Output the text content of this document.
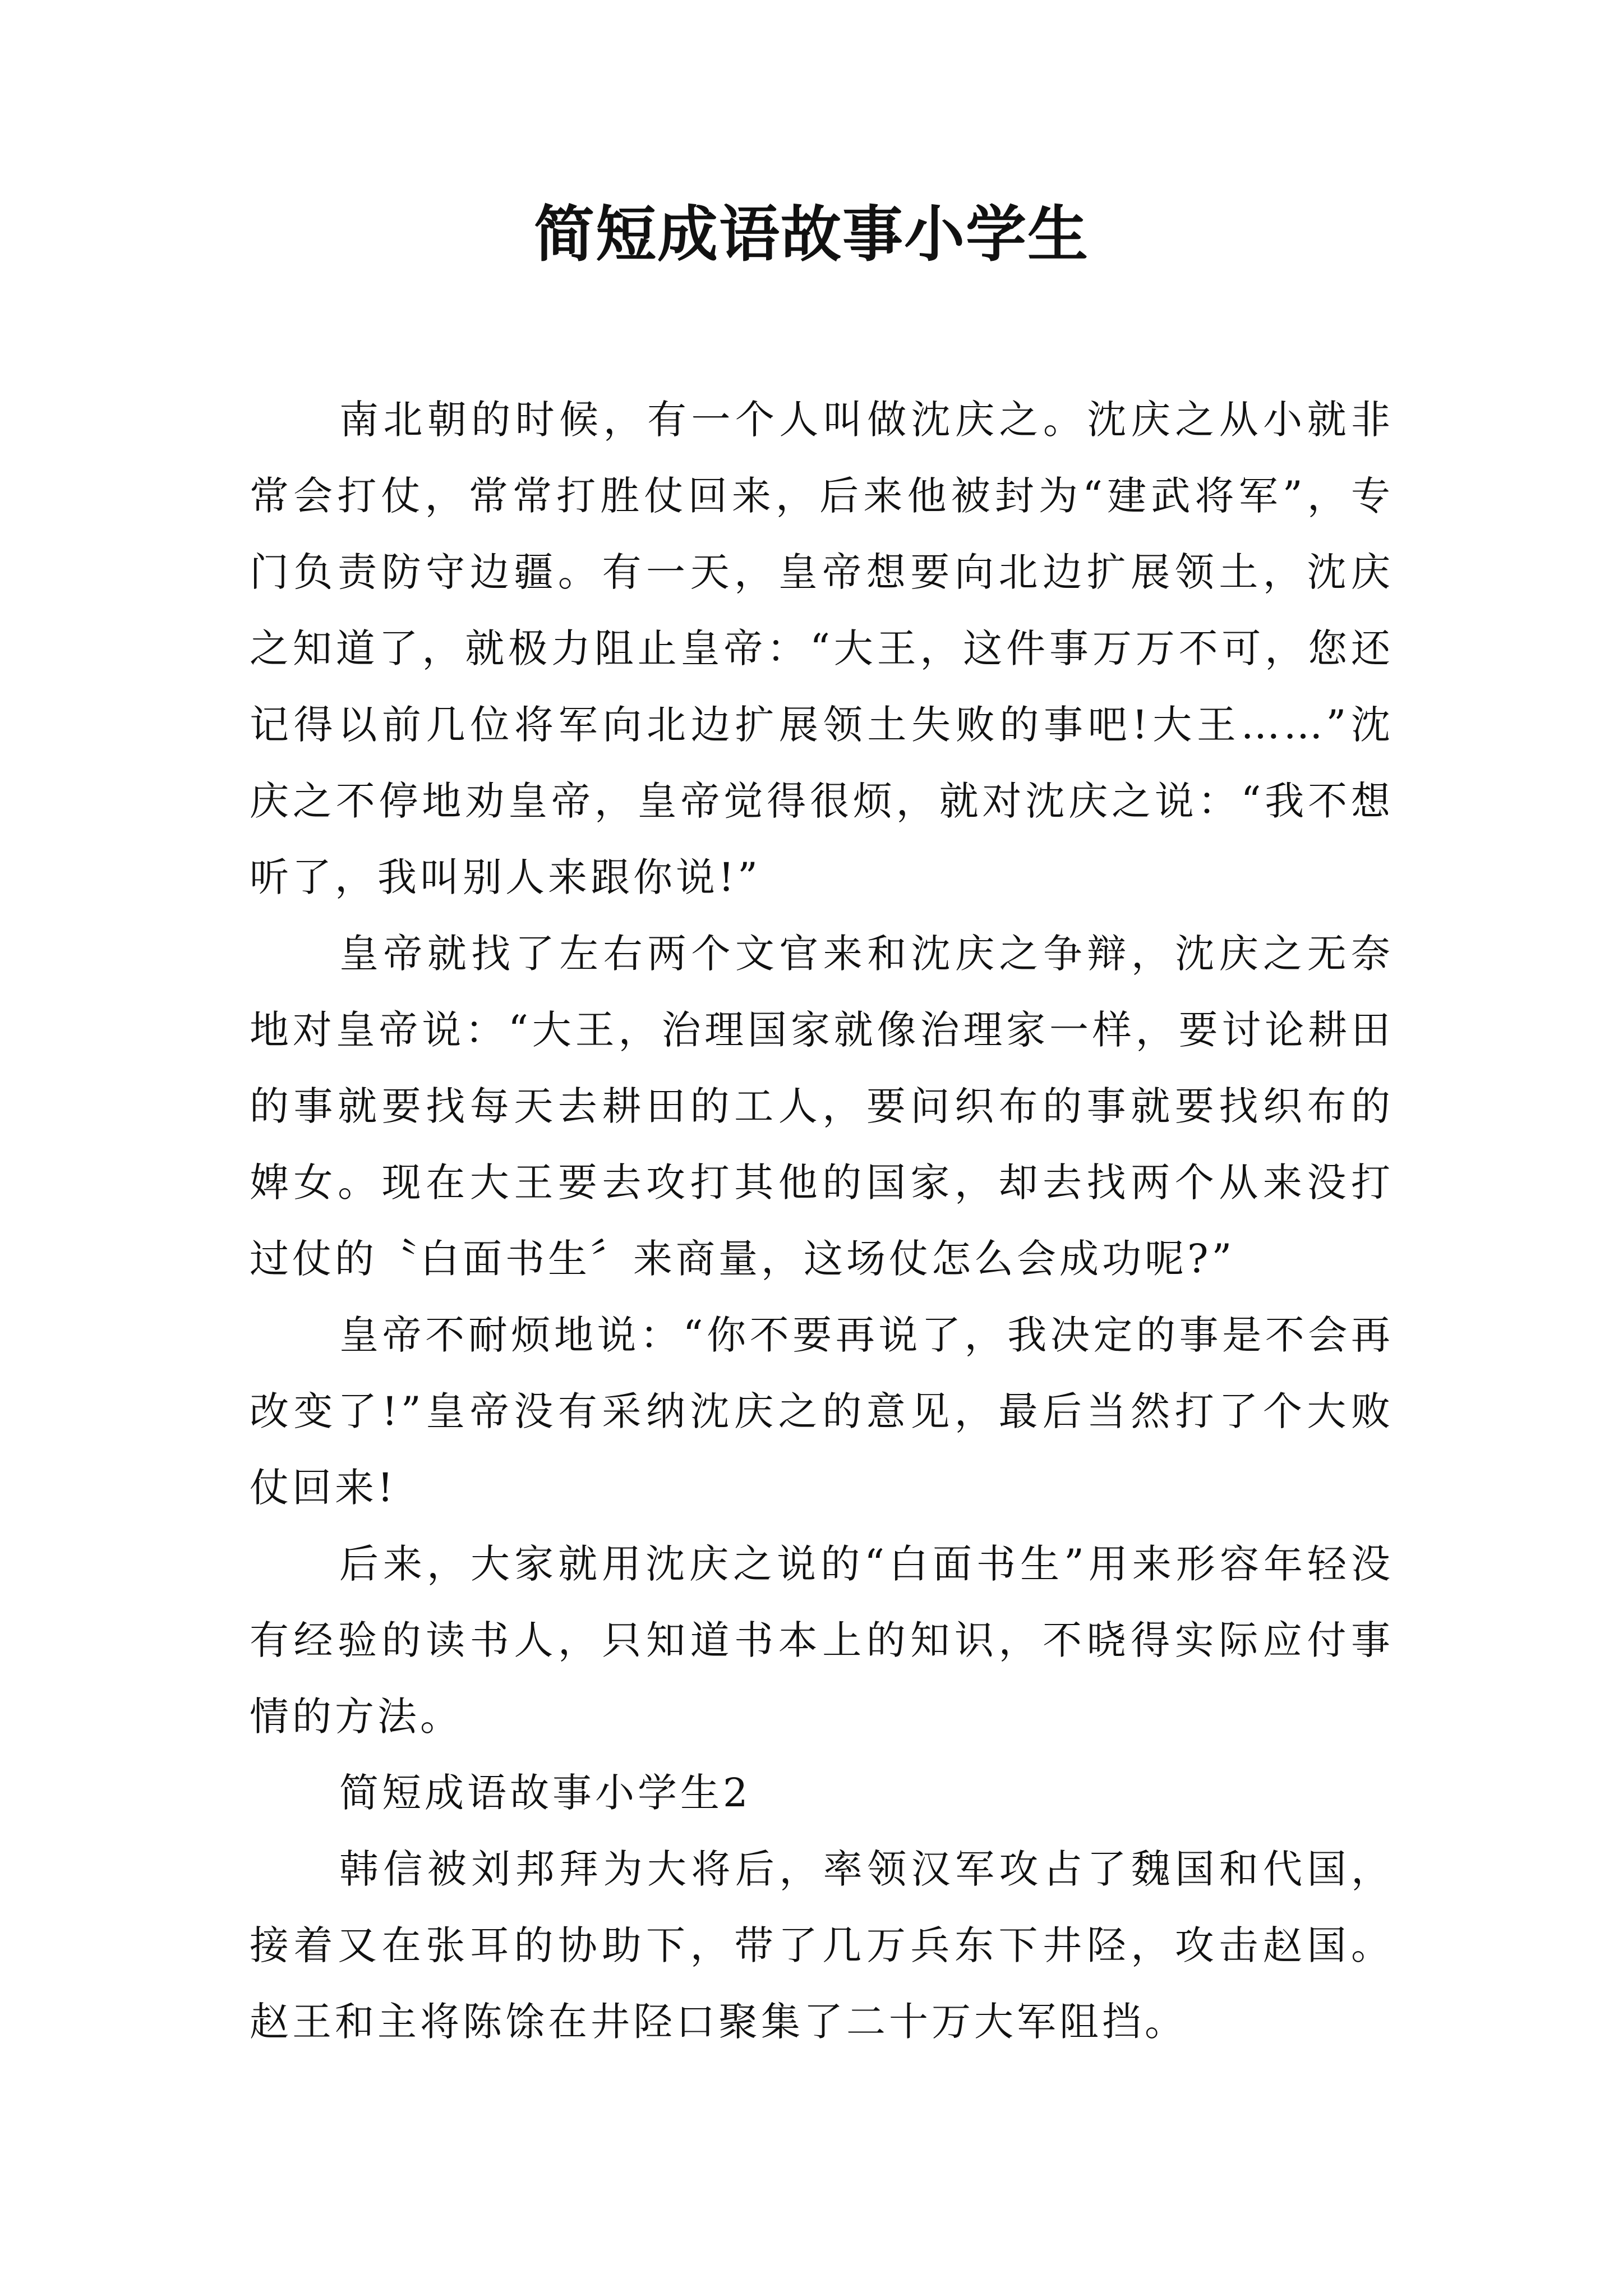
简短成语故事小学生

南北朝的时候，有一个人叫做沈庆之。沈庆之从小就非常会打仗，常常打胜仗回来，后来他被封为“建武将军”，专门负责防守边疆。有一天，皇帝想要向北边扩展领土，沈庆之知道了，就极力阻止皇帝：“大王，这件事万万不可，您还记得以前几位将军向北边扩展领土失败的事吧!大王……”沈庆之不停地劝皇帝，皇帝觉得很烦，就对沈庆之说：“我不想听了，我叫别人来跟你说!”

皇帝就找了左右两个文官来和沈庆之争辩，沈庆之无奈地对皇帝说：“大王，治理国家就像治理家一样，要讨论耕田的事就要找每天去耕田的工人，要问织布的事就要找织布的婢女。现在大王要去攻打其他的国家，却去找两个从来没打过仗的〝白面书生〞来商量，这场仗怎么会成功呢?”

皇帝不耐烦地说：“你不要再说了，我决定的事是不会再改变了!”皇帝没有采纳沈庆之的意见，最后当然打了个大败仗回来!

后来，大家就用沈庆之说的“白面书生”用来形容年轻没有经验的读书人，只知道书本上的知识，不晓得实际应付事情的方法。

简短成语故事小学生2

韩信被刘邦拜为大将后，率领汉军攻占了魏国和代国，接着又在张耳的协助下，带了几万兵东下井陉，攻击赵国。赵王和主将陈馀在井陉口聚集了二十万大军阻挡。
